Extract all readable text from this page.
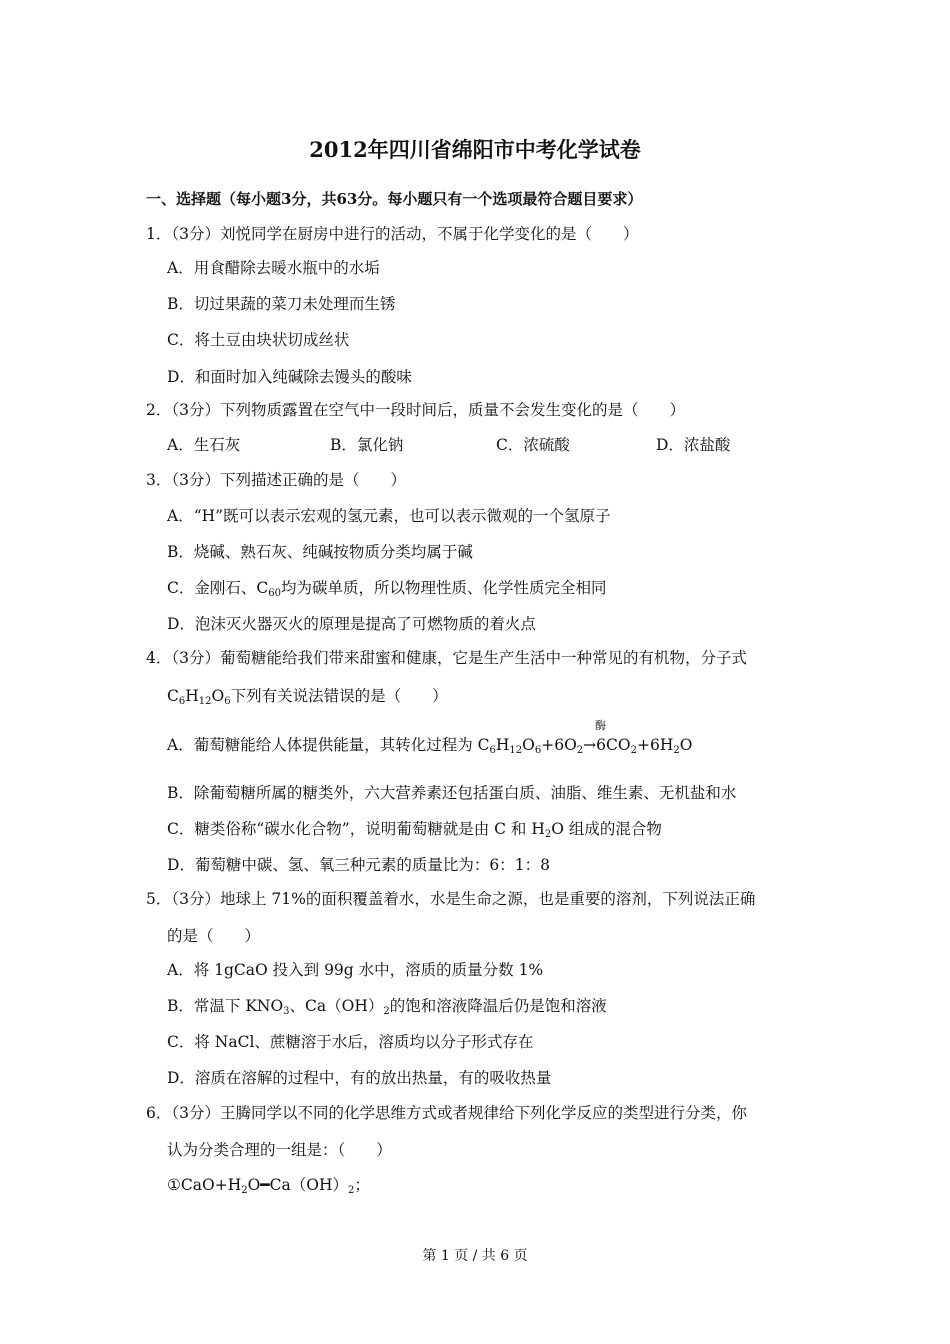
2012年四川省绵阳市中考化学试卷
一、选择题（每小题3分，共63分。每小题只有一个选项最符合题目要求）
1．（3分）刘悦同学在厨房中进行的活动，不属于化学变化的是（　　）
A．用食醋除去暖水瓶中的水垢
B．切过果蔬的菜刀未处理而生锈
C．将土豆由块状切成丝状
D．和面时加入纯碱除去馒头的酸味
2．（3分）下列物质露置在空气中一段时间后，质量不会发生变化的是（　　）
A．生石灰	B．氯化钠	C．浓硫酸	D．浓盐酸
3．（3分）下列描述正确的是（　　）
A．“H”既可以表示宏观的氢元素，也可以表示微观的一个氢原子
B．烧碱、熟石灰、纯碱按物质分类均属于碱
C．金刚石、$C_{60}$均为碳单质，所以物理性质、化学性质完全相同
D．泡沫灭火器灭火的原理是提高了可燃物质的着火点
4．（3分）葡萄糖能给我们带来甜蜜和健康，它是生产生活中一种常见的有机物，分子式
$C_6H_{12}O_6$下列有关说法错误的是（　　）
酶
A．葡萄糖能给人体提供能量，其转化过程为 $C_6H_{12}O_6+6O_2\to 6CO_2+6H_2O$
B．除葡萄糖所属的糖类外，六大营养素还包括蛋白质、油脂、维生素、无机盐和水
C．糖类俗称“碳水化合物”，说明葡萄糖就是由 C 和 $H_2O$ 组成的混合物
D．葡萄糖中碳、氢、氧三种元素的质量比为：6：1：8
5．（3分）地球上 71%的面积覆盖着水，水是生命之源，也是重要的溶剂，下列说法正确
的是（　　）
A．将 1gCaO 投入到 99g 水中，溶质的质量分数 1%
B．常温下 $KNO_3$、$Ca(OH)_2$的饱和溶液降温后仍是饱和溶液
C．将 NaCl、蔗糖溶于水后，溶质均以分子形式存在
D．溶质在溶解的过程中，有的放出热量，有的吸收热量
6．（3分）王腾同学以不同的化学思维方式或者规律给下列化学反应的类型进行分类，你
认为分类合理的一组是：（　　）
$①CaO+H_2O━Ca(OH)_2$；
第 1 页 / 共 6 页
